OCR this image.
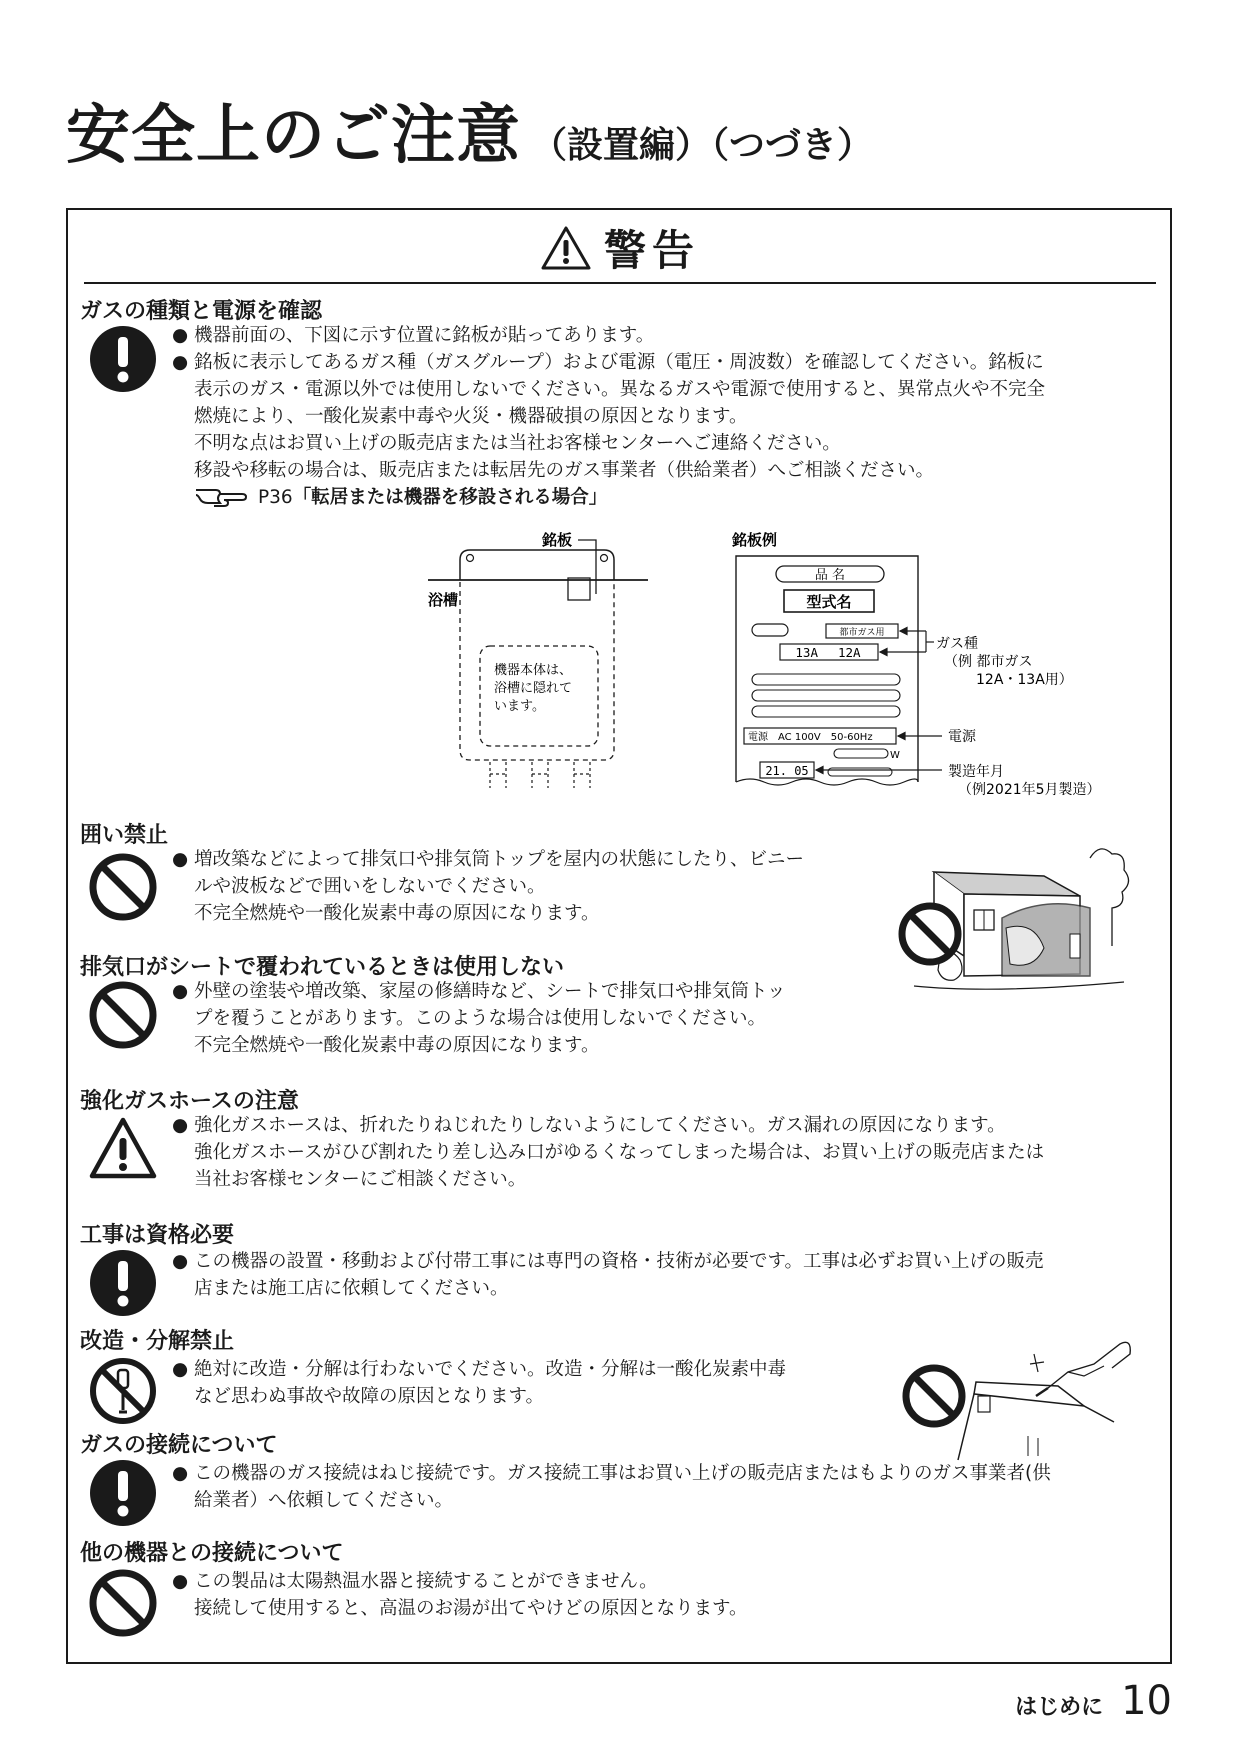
安全上のご注意 （設置編）（つづき）
警告
ガスの種類と電源を確認

● 機器前面の、下図に示す位置に銘板が貼ってあります。

● 銘板に表示してあるガス種（ガスグループ）および電源（電圧・周波数）を確認してください。銘板に

表示のガス・電源以外では使用しないでください。異なるガスや電源で使用すると、異常点火や不完全

燃焼により、一酸化炭素中毒や火災・機器破損の原因となります。

不明な点はお買い上げの販売店または当社お客様センターへご連絡ください。

移設や移転の場合は、販売店または転居先のガス事業者（供給業者）へご相談ください。

P36「転居または機器を移設される場合」

銘板
浴槽
機器本体は、
浴槽に隠れて
います。
銘板例
品 名
型式名
都市ガス用
13A　 12A
電源　AC 100V　50-60Hz
W
21. 05
ガス種
（例 都市ガス
12A・13A用）
電源
製造年月
（例2021年5月製造）
囲い禁止

● 増改築などによって排気口や排気筒トップを屋内の状態にしたり、ビニー

ルや波板などで囲いをしないでください。

不完全燃焼や一酸化炭素中毒の原因になります。

排気口がシートで覆われているときは使用しない

● 外壁の塗装や増改築、家屋の修繕時など、シートで排気口や排気筒トッ

プを覆うことがあります。このような場合は使用しないでください。

不完全燃焼や一酸化炭素中毒の原因になります。

強化ガスホースの注意

● 強化ガスホースは、折れたりねじれたりしないようにしてください。ガス漏れの原因になります。

強化ガスホースがひび割れたり差し込み口がゆるくなってしまった場合は、お買い上げの販売店または

当社お客様センターにご相談ください。

工事は資格必要

● この機器の設置・移動および付帯工事には専門の資格・技術が必要です。工事は必ずお買い上げの販売

店または施工店に依頼してください。

改造・分解禁止

● 絶対に改造・分解は行わないでください。改造・分解は一酸化炭素中毒

など思わぬ事故や故障の原因となります。

ガスの接続について

● この機器のガス接続はねじ接続です。ガス接続工事はお買い上げの販売店またはもよりのガス事業者(供

給業者）へ依頼してください。

他の機器との接続について

● この製品は太陽熱温水器と接続することができません。

接続して使用すると、高温のお湯が出てやけどの原因となります。

はじめに 10
